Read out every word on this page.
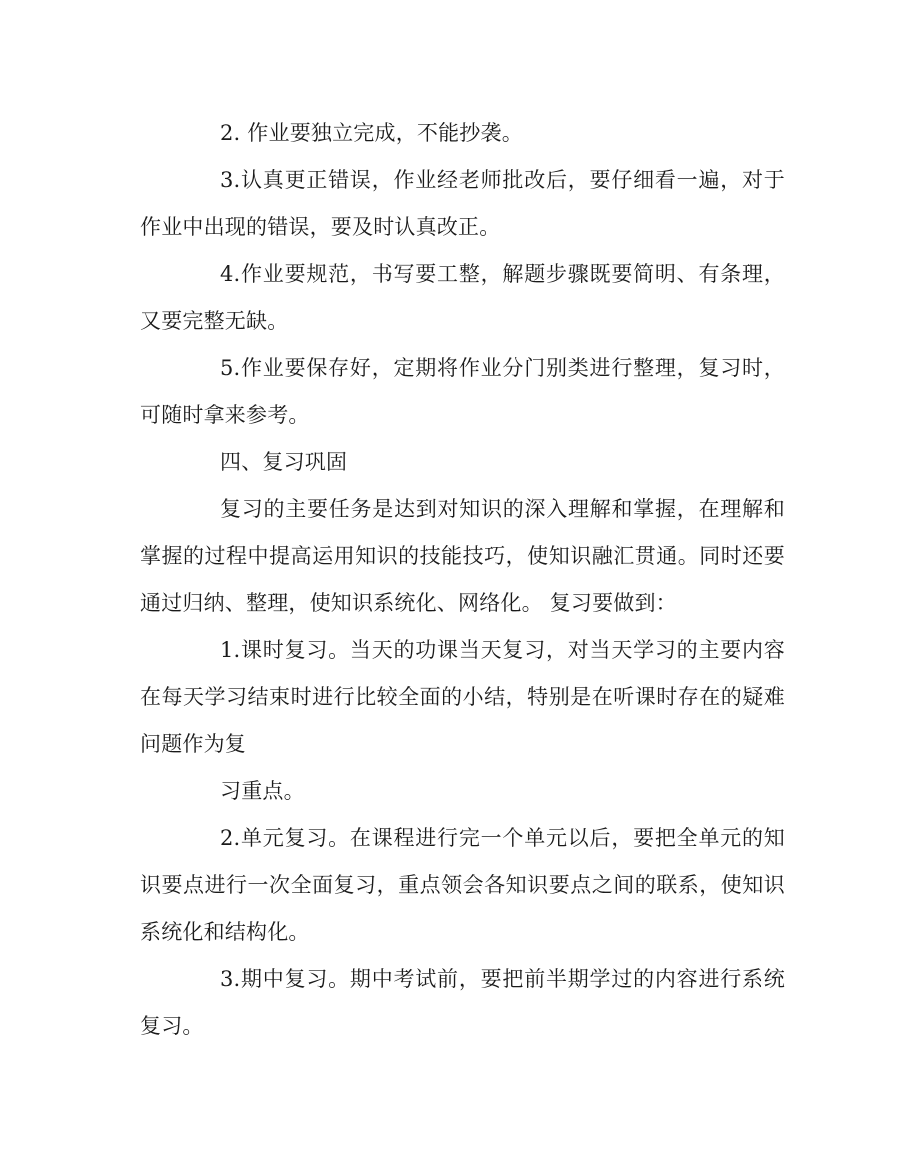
2. 作业要独立完成，不能抄袭。

3.认真更正错误，作业经老师批改后，要仔细看一遍，对于作业中出现的错误，要及时认真改正。

4.作业要规范，书写要工整，解题步骤既要简明、有条理，又要完整无缺。

5.作业要保存好，定期将作业分门别类进行整理，复习时，可随时拿来参考。

四、复习巩固

复习的主要任务是达到对知识的深入理解和掌握，在理解和掌握的过程中提高运用知识的技能技巧，使知识融汇贯通。同时还要通过归纳、整理，使知识系统化、网络化。 复习要做到：

1.课时复习。当天的功课当天复习，对当天学习的主要内容在每天学习结束时进行比较全面的小结，特别是在听课时存在的疑难问题作为复

习重点。

2.单元复习。在课程进行完一个单元以后，要把全单元的知识要点进行一次全面复习，重点领会各知识要点之间的联系，使知识系统化和结构化。

3.期中复习。期中考试前，要把前半期学过的内容进行系统复习。
